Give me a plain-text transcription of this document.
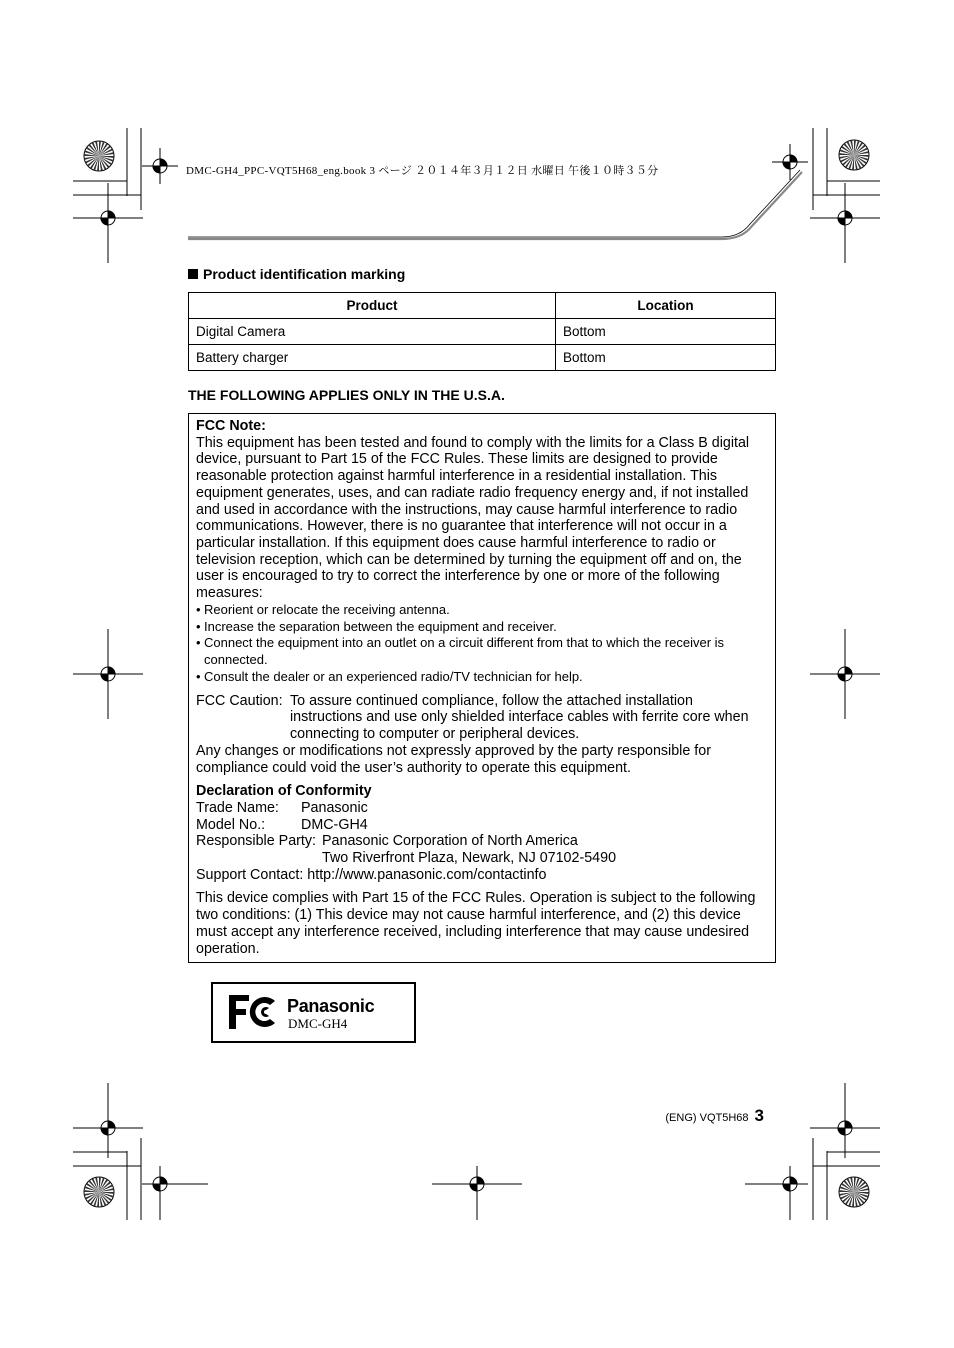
DMC-GH4_PPC-VQT5H68_eng.book 3 ページ ２０１４年３月１２日 水曜日 午後１０時３５分
Product identification marking
Product	Location
Digital Camera	Bottom
Battery charger	Bottom
THE FOLLOWING APPLIES ONLY IN THE U.S.A.

FCC Note:

This equipment has been tested and found to comply with the limits for a Class B digital device, pursuant to Part 15 of the FCC Rules. These limits are designed to provide reasonable protection against harmful interference in a residential installation. This equipment generates, uses, and can radiate radio frequency energy and, if not installed and used in accordance with the instructions, may cause harmful interference to radio communications. However, there is no guarantee that interference will not occur in a particular installation. If this equipment does cause harmful interference to radio or television reception, which can be determined by turning the equipment off and on, the user is encouraged to try to correct the interference by one or more of the following measures:

• Reorient or relocate the receiving antenna.
• Increase the separation between the equipment and receiver.
• Connect the equipment into an outlet on a circuit different from that to which the receiver is connected.
• Consult the dealer or an experienced radio/TV technician for help.
FCC Caution: To assure continued compliance, follow the attached installation instructions and use only shielded interface cables with ferrite core when connecting to computer or peripheral devices.

Any changes or modifications not expressly approved by the party responsible for compliance could void the user’s authority to operate this equipment.

Declaration of Conformity

Trade Name:	Panasonic
Model No.:	DMC-GH4
Responsible Party: Panasonic Corporation of North America
Two Riverfront Plaza, Newark, NJ 07102-5490
Support Contact: http://www.panasonic.com/contactinfo

This device complies with Part 15 of the FCC Rules. Operation is subject to the following two conditions: (1) This device may not cause harmful interference, and (2) this device must accept any interference received, including interference that may cause undesired operation.

Panasonic
DMC-GH4
(ENG) VQT5H68 3
